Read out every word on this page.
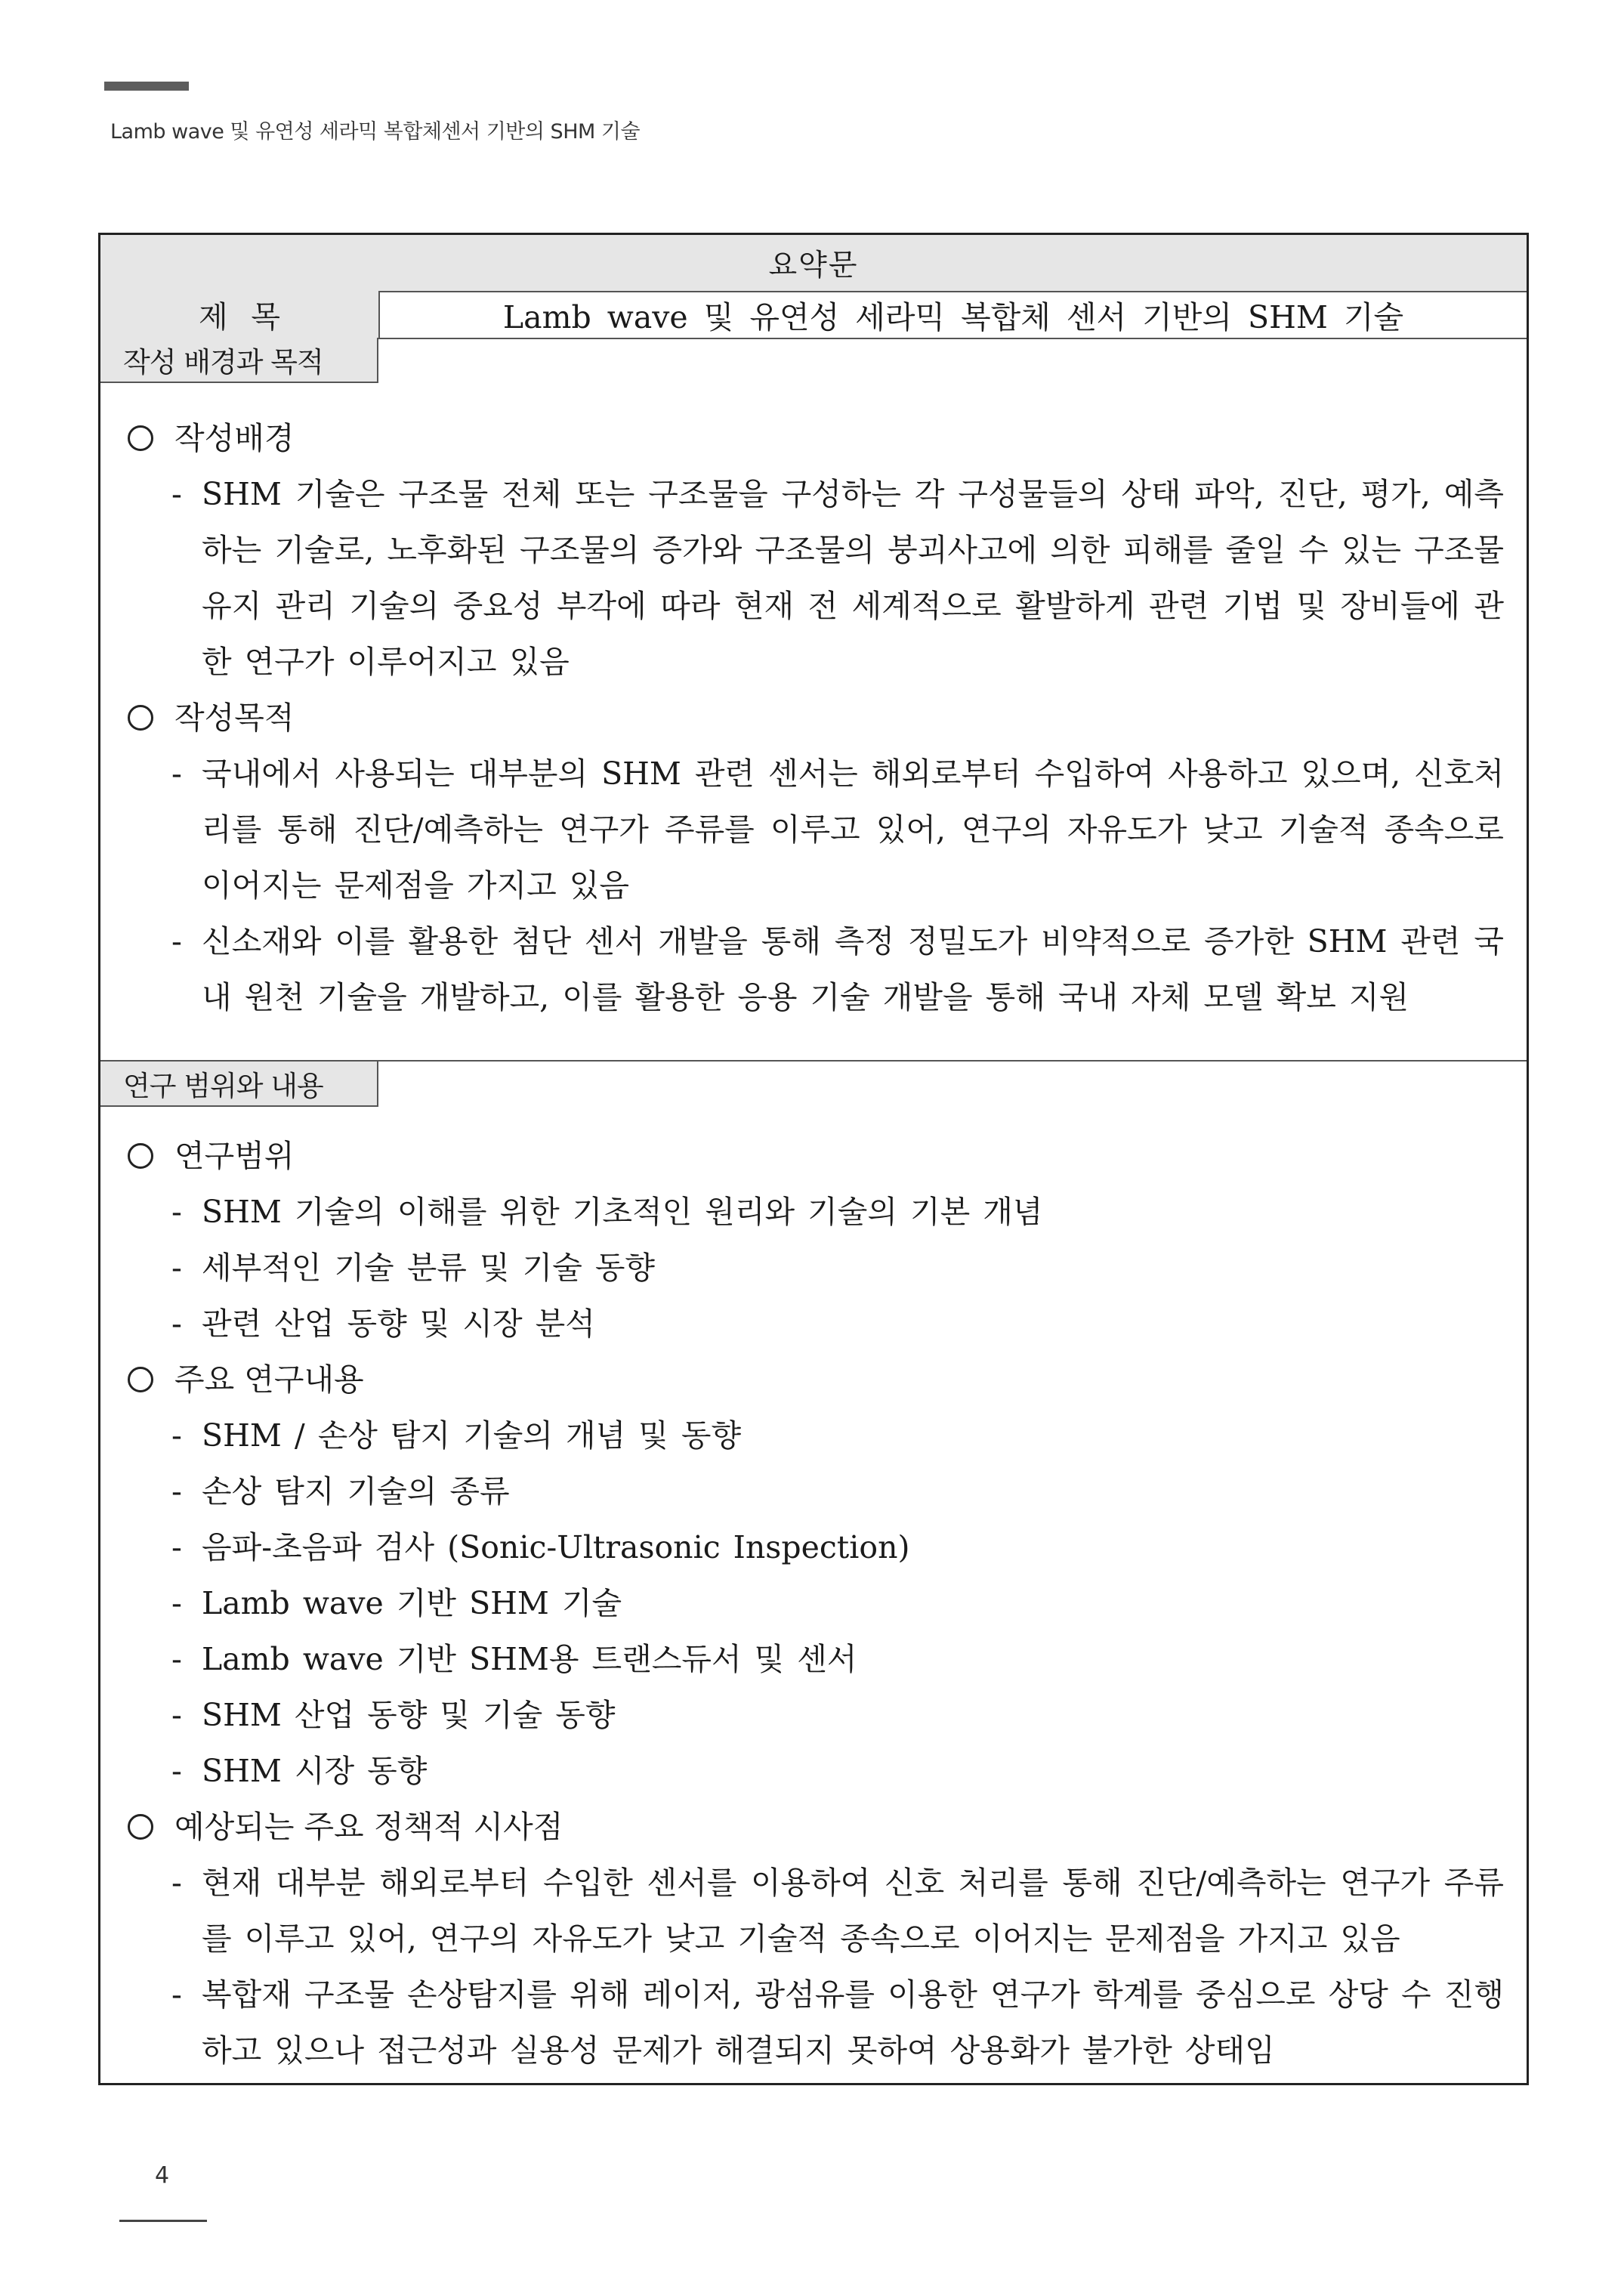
Lamb wave 및 유연성 세라믹 복합체센서 기반의 SHM 기술
요약문
제 목	Lamb wave 및 유연성 세라믹 복합체 센서 기반의 SHM 기술
작성 배경과 목적
작성배경
- SHM 기술은 구조물 전체 또는 구조물을 구성하는 각 구성물들의 상태 파악, 진단, 평가, 예측하는 기술로, 노후화된 구조물의 증가와 구조물의 붕괴사고에 의한 피해를 줄일 수 있는 구조물 유지 관리 기술의 중요성 부각에 따라 현재 전 세계적으로 활발하게 관련 기법 및 장비들에 관한 연구가 이루어지고 있음
작성목적
- 국내에서 사용되는 대부분의 SHM 관련 센서는 해외로부터 수입하여 사용하고 있으며, 신호처리를 통해 진단/예측하는 연구가 주류를 이루고 있어, 연구의 자유도가 낮고 기술적 종속으로 이어지는 문제점을 가지고 있음
- 신소재와 이를 활용한 첨단 센서 개발을 통해 측정 정밀도가 비약적으로 증가한 SHM 관련 국내 원천 기술을 개발하고, 이를 활용한 응용 기술 개발을 통해 국내 자체 모델 확보 지원
연구 범위와 내용
연구범위
- SHM 기술의 이해를 위한 기초적인 원리와 기술의 기본 개념
- 세부적인 기술 분류 및 기술 동향
- 관련 산업 동향 및 시장 분석
주요 연구내용
- SHM / 손상 탐지 기술의 개념 및 동향
- 손상 탐지 기술의 종류
- 음파-초음파 검사 (Sonic-Ultrasonic Inspection)
- Lamb wave 기반 SHM 기술
- Lamb wave 기반 SHM용 트랜스듀서 및 센서
- SHM 산업 동향 및 기술 동향
- SHM 시장 동향
예상되는 주요 정책적 시사점
- 현재 대부분 해외로부터 수입한 센서를 이용하여 신호 처리를 통해 진단/예측하는 연구가 주류를 이루고 있어, 연구의 자유도가 낮고 기술적 종속으로 이어지는 문제점을 가지고 있음
- 복합재 구조물 손상탐지를 위해 레이저, 광섬유를 이용한 연구가 학계를 중심으로 상당 수 진행하고 있으나 접근성과 실용성 문제가 해결되지 못하여 상용화가 불가한 상태임
4
